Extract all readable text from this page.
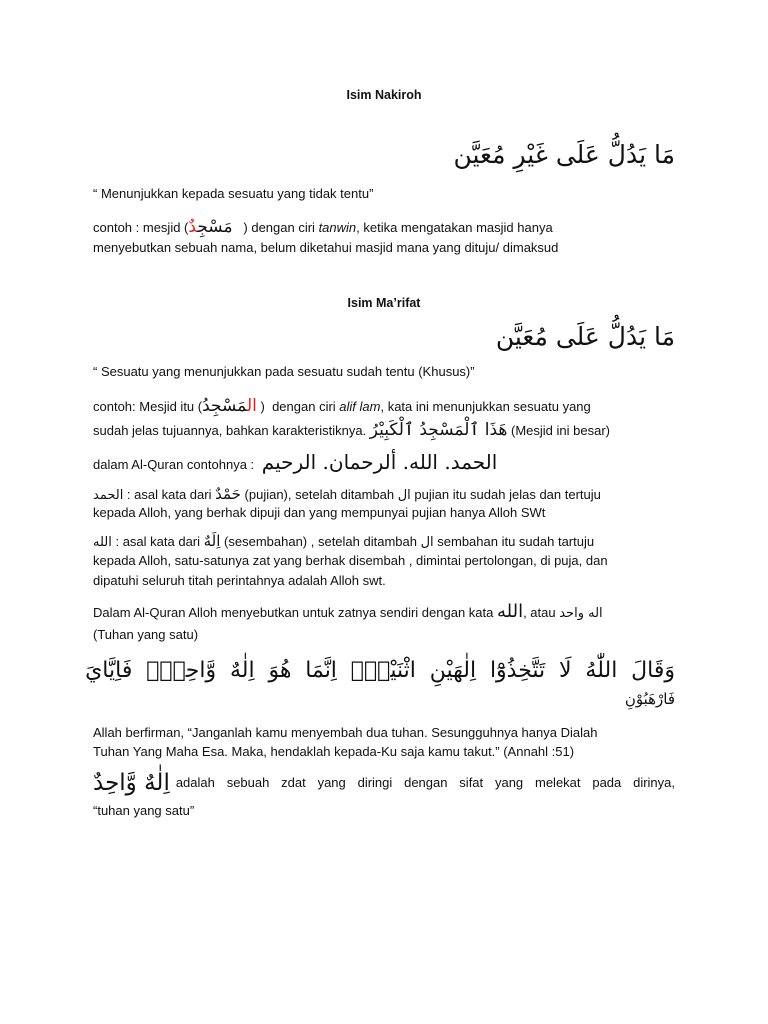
Isim Nakiroh
مَا يَدُلُّ عَلَى غَيْرِ مُعَيَّن
“ Menunjukkan kepada sesuatu yang tidak tentu”
contoh : mesjid ( مَسْجِدٌ	) dengan ciri tanwin, ketika mengatakan masjid hanya
menyebutkan sebuah nama, belum diketahui masjid mana yang dituju/ dimaksud
Isim Ma’rifat
مَا يَدُلُّ عَلَى مُعَيَّن
“ Sesuatu yang menunjukkan pada sesuatu sudah tentu (Khusus)”
contoh: Mesjid itu (	المَسْجِدُ )  dengan ciri alif lam, kata ini menunjukkan sesuatu yang
sudah jelas tujuannya, bahkan karakteristiknya. هَذَا ٱلْمَسْجِدُ ٱلْكَبِيْرُ (Mesjid ini besar)
dalam Al-Quran contohnya : الحمد. الله. ألرحمان. الرحيم
الحمد : asal kata dari حَمْدٌ (pujian), setelah ditambah ال pujian itu sudah jelas dan tertuju
kepada Alloh, yang berhak dipuji dan yang mempunyai pujian hanya Alloh SWt
الله : asal kata dari اِلَهٌ (sesembahan) , setelah ditambah ال sembahan itu sudah tartuju
kepada Alloh, satu-satunya zat yang berhak disembah , dimintai pertolongan, di puja, dan
dipatuhi seluruh titah perintahnya adalah Alloh swt.
Dalam Al-Quran Alloh menyebutkan untuk zatnya sendiri dengan kata الله, atau اله واحد
(Tuhan yang satu)
وَقَالَ
اللّٰهُ
لَا
تَتَّخِذُوْٓا
اِلٰهَيْنِ
اثْنَيْنِۚ
اِنَّمَا
هُوَ
اِلٰهٌ
وَّاحِدٌۚ
فَاِيَّايَ
فَارْهَبُوْنِ
Allah berfirman, “Janganlah kamu menyembah dua tuhan. Sesungguhnya hanya Dialah
Tuhan Yang Maha Esa. Maka, hendaklah kepada-Ku saja kamu takut.” (Annahl :51)
اِلٰهٌ وَّاحِدٌ adalah sebuah zdat yang diringi dengan sifat yang melekat pada dirinya,
“tuhan yang satu”
